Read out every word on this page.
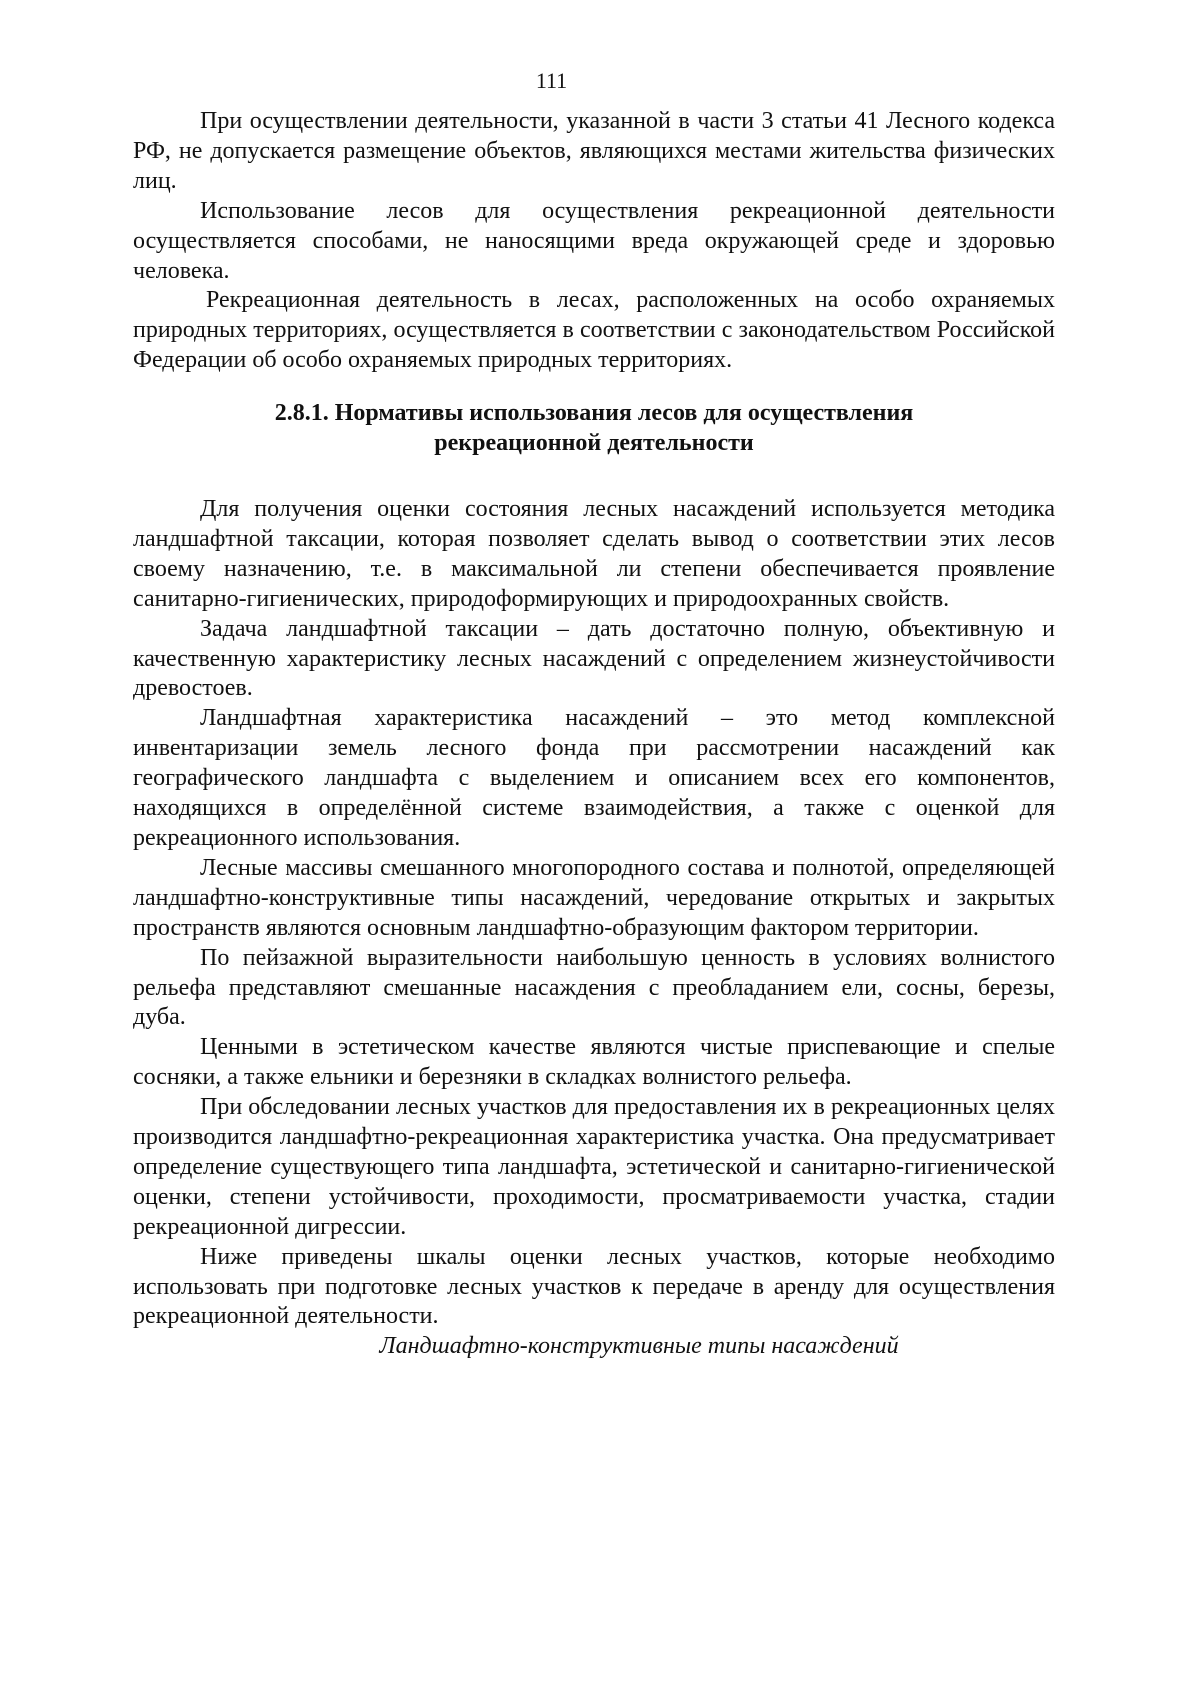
111

При осуществлении деятельности, указанной в части 3 статьи 41 Лесного кодекса РФ, не допускается размещение объектов, являющихся местами жительства физических лиц.

Использование лесов для осуществления рекреационной деятельности осуществляется способами, не наносящими вреда окружающей среде и здоровью человека.

Рекреационная деятельность в лесах, расположенных на особо охраняемых природных территориях, осуществляется в соответствии с законодательством Российской Федерации об особо охраняемых природных территориях.

2.8.1. Нормативы использования лесов для осуществления
рекреационной деятельности

Для получения оценки состояния лесных насаждений используется методика ландшафтной таксации, которая позволяет сделать вывод о соответствии этих лесов своему назначению, т.е. в максимальной ли степени обеспечивается проявление санитарно-гигиенических, природоформирующих и природоохранных свойств.

Задача ландшафтной таксации – дать достаточно полную, объективную и качественную характеристику лесных насаждений с определением жизнеустойчивости древостоев.

Ландшафтная характеристика насаждений – это метод комплексной инвентаризации земель лесного фонда при рассмотрении насаждений как географического ландшафта с выделением и описанием всех его компонентов, находящихся в определённой системе взаимодействия, а также с оценкой для рекреационного использования.

Лесные массивы смешанного многопородного состава и полнотой, определяющей ландшафтно-конструктивные типы насаждений, чередование открытых и закрытых пространств являются основным ландшафтно-образующим фактором территории.

По пейзажной выразительности наибольшую ценность в условиях волнистого рельефа представляют смешанные насаждения с преобладанием ели, сосны, березы, дуба.

Ценными в эстетическом качестве являются чистые приспевающие и спелые сосняки, а также ельники и березняки в складках волнистого рельефа.

При обследовании лесных участков для предоставления их в рекреационных целях производится ландшафтно-рекреационная характеристика участка. Она предусматривает определение существующего типа ландшафта, эстетической и санитарно-гигиенической оценки, степени устойчивости, проходимости, просматриваемости участка, стадии рекреационной дигрессии.

Ниже приведены шкалы оценки лесных участков, которые необходимо использовать при подготовке лесных участков к передаче в аренду для осуществления рекреационной деятельности.

Ландшафтно-конструктивные типы насаждений
